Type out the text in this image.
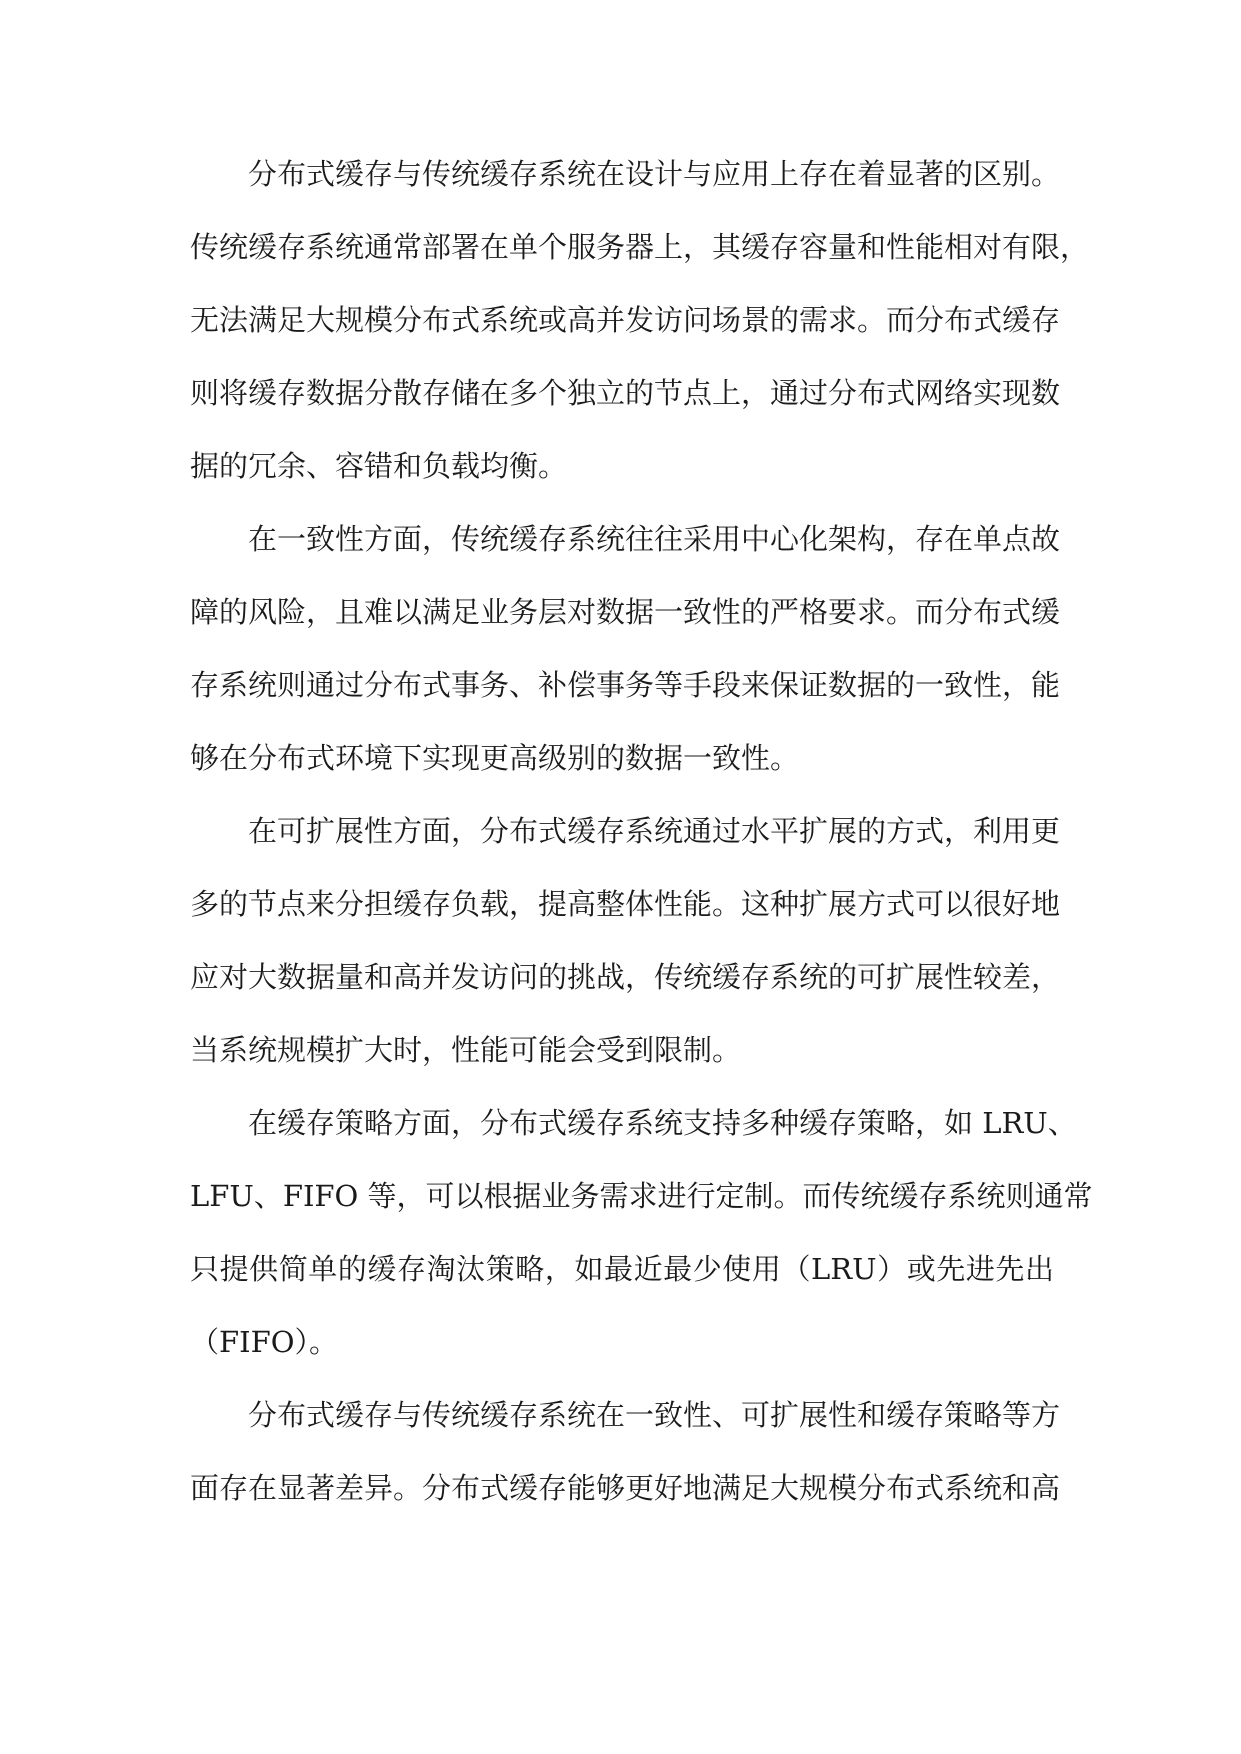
分布式缓存与传统缓存系统在设计与应用上存在着显著的区别。
传统缓存系统通常部署在单个服务器上，其缓存容量和性能相对有限，
无法满足大规模分布式系统或高并发访问场景的需求。而分布式缓存
则将缓存数据分散存储在多个独立的节点上，通过分布式网络实现数
据的冗余、容错和负载均衡。
在一致性方面，传统缓存系统往往采用中心化架构，存在单点故
障的风险，且难以满足业务层对数据一致性的严格要求。而分布式缓
存系统则通过分布式事务、补偿事务等手段来保证数据的一致性，能
够在分布式环境下实现更高级别的数据一致性。
在可扩展性方面，分布式缓存系统通过水平扩展的方式，利用更
多的节点来分担缓存负载，提高整体性能。这种扩展方式可以很好地
应对大数据量和高并发访问的挑战，传统缓存系统的可扩展性较差，
当系统规模扩大时，性能可能会受到限制。
在缓存策略方面，分布式缓存系统支持多种缓存策略，如 LRU、
LFU、FIFO 等，可以根据业务需求进行定制。而传统缓存系统则通常
只提供简单的缓存淘汰策略，如最近最少使用（LRU）或先进先出
（FIFO）。
分布式缓存与传统缓存系统在一致性、可扩展性和缓存策略等方
面存在显著差异。分布式缓存能够更好地满足大规模分布式系统和高
